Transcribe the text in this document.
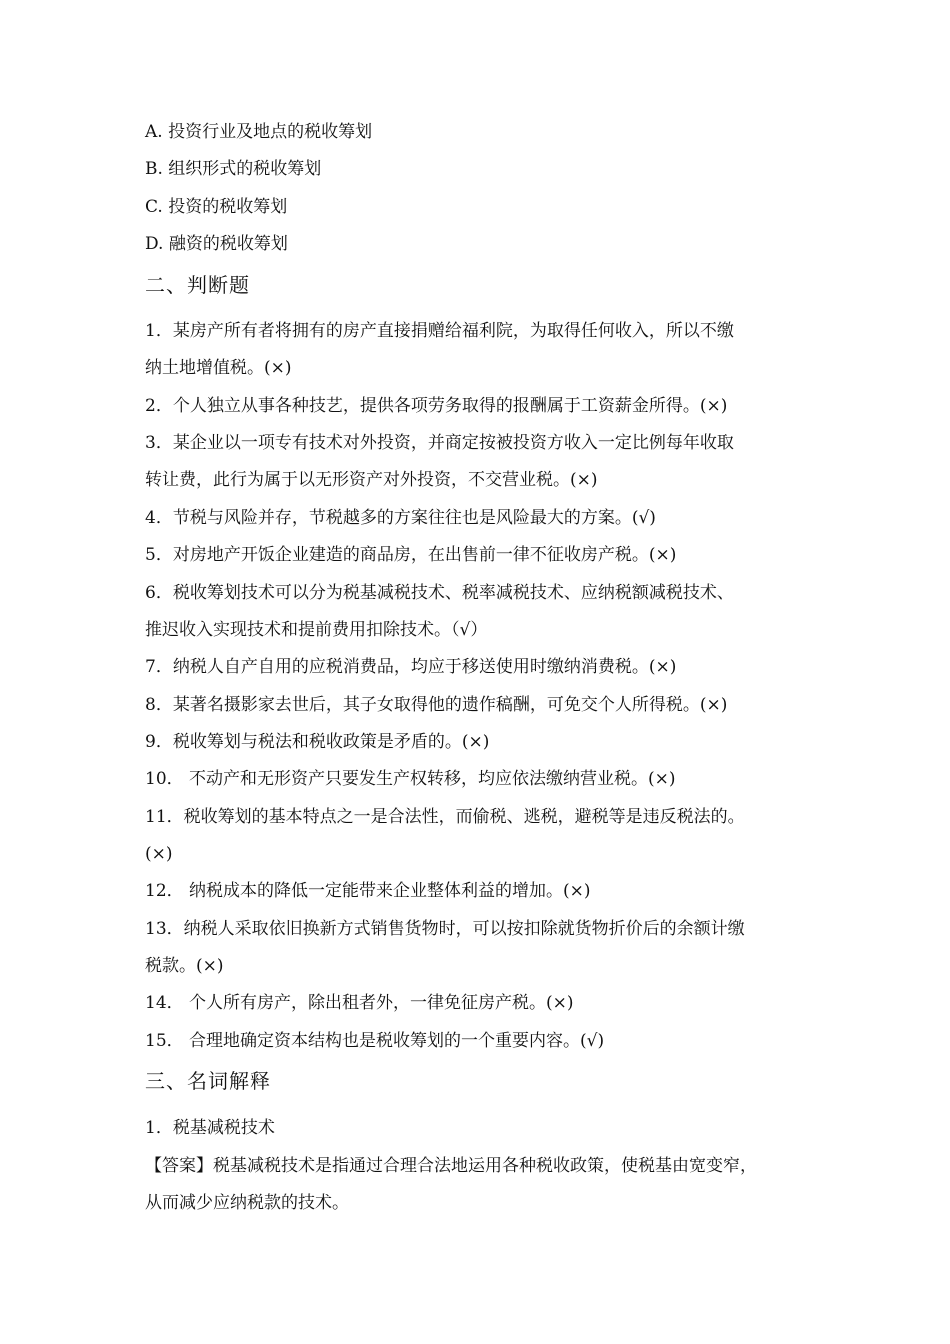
A. 投资行业及地点的税收筹划
B. 组织形式的税收筹划
C. 投资的税收筹划
D. 融资的税收筹划
二、判断题
1．某房产所有者将拥有的房产直接捐赠给福利院，为取得任何收入，所以不缴
纳土地增值税。(×)
2．个人独立从事各种技艺，提供各项劳务取得的报酬属于工资薪金所得。(×)
3．某企业以一项专有技术对外投资，并商定按被投资方收入一定比例每年收取
转让费，此行为属于以无形资产对外投资，不交营业税。(×)
4．节税与风险并存，节税越多的方案往往也是风险最大的方案。(√)
5．对房地产开饭企业建造的商品房，在出售前一律不征收房产税。(×)
6．税收筹划技术可以分为税基减税技术、税率减税技术、应纳税额减税技术、
推迟收入实现技术和提前费用扣除技术。（√）
7．纳税人自产自用的应税消费品，均应于移送使用时缴纳消费税。(×)
8．某著名摄影家去世后，其子女取得他的遗作稿酬，可免交个人所得税。(×)
9．税收筹划与税法和税收政策是矛盾的。(×)
10． 不动产和无形资产只要发生产权转移，均应依法缴纳营业税。(×)
11．税收筹划的基本特点之一是合法性，而偷税、逃税，避税等是违反税法的。
(×)
12． 纳税成本的降低一定能带来企业整体利益的增加。(×)
13．纳税人采取依旧换新方式销售货物时，可以按扣除就货物折价后的余额计缴
税款。(×)
14． 个人所有房产，除出租者外，一律免征房产税。(×)
15． 合理地确定资本结构也是税收筹划的一个重要内容。(√)
三、名词解释
1．税基减税技术
【答案】税基减税技术是指通过合理合法地运用各种税收政策，使税基由宽变窄，
从而减少应纳税款的技术。
